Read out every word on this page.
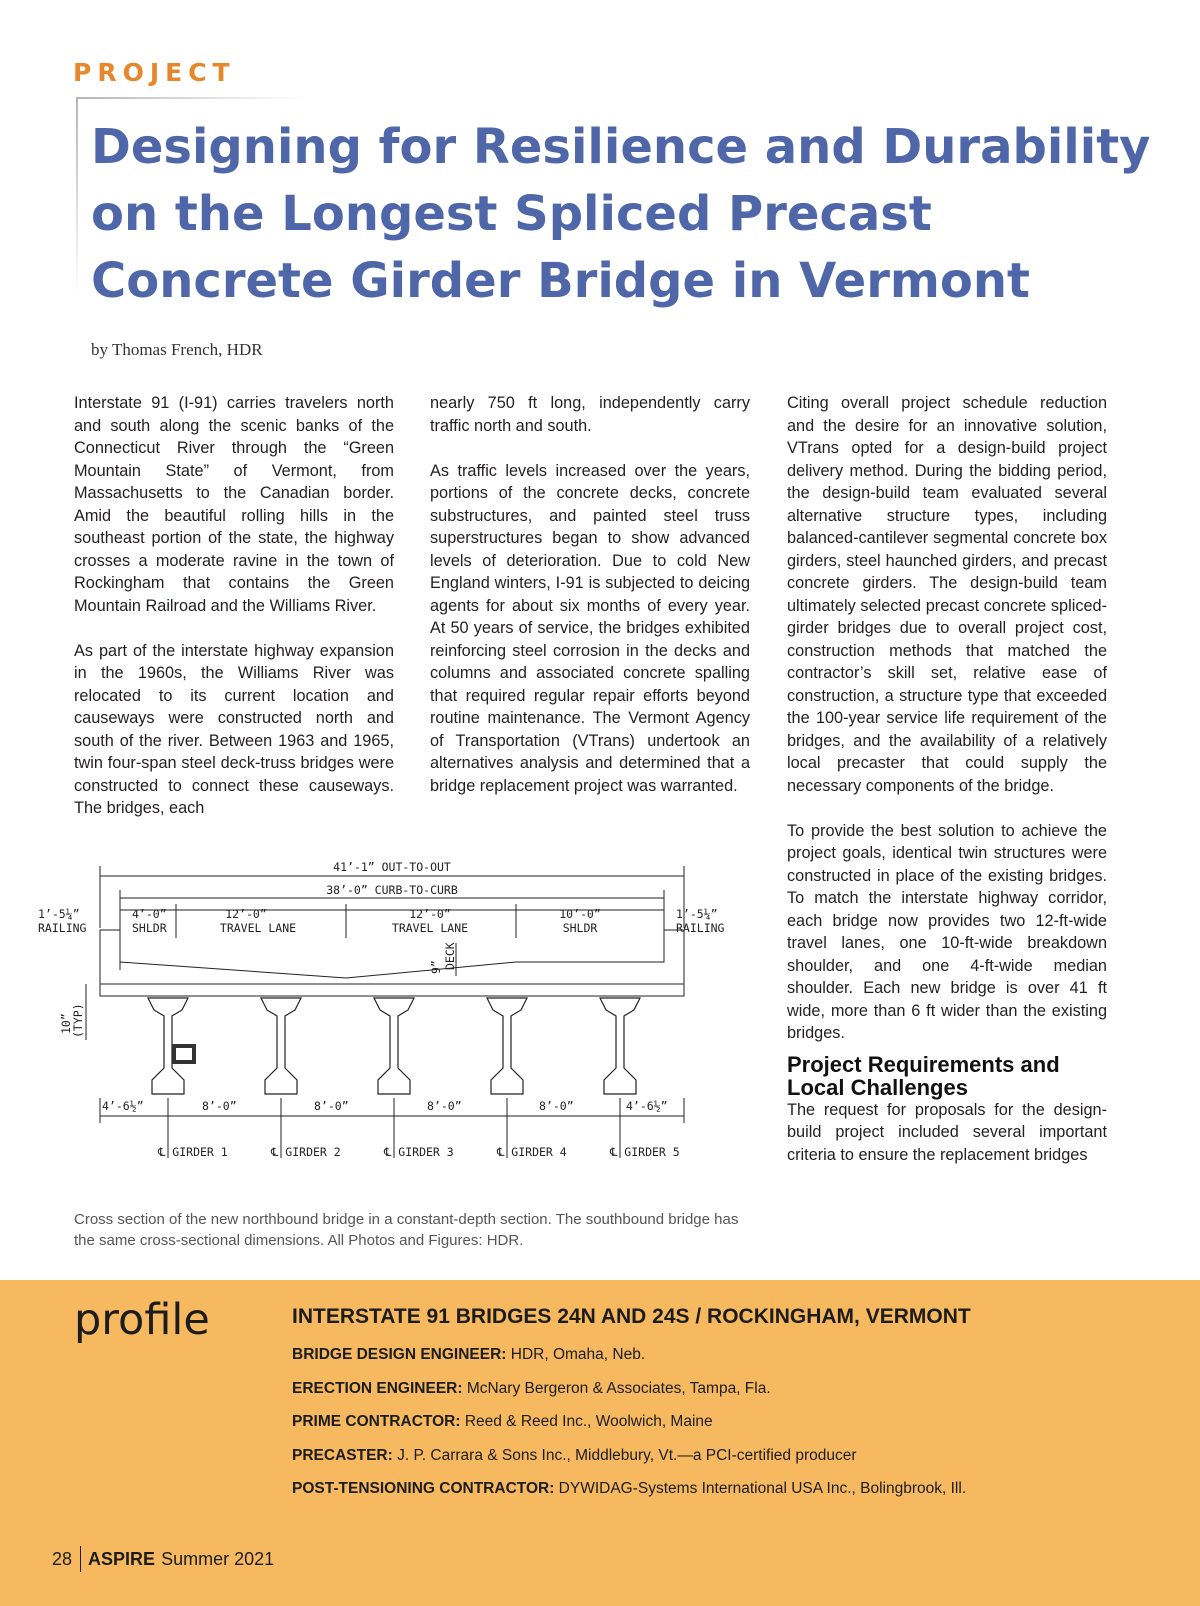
PROJECT
Designing for Resilience and Durability on the Longest Spliced Precast Concrete Girder Bridge in Vermont
by Thomas French, HDR

Interstate 91 (I-91) carries travelers north and south along the scenic banks of the Connecticut River through the “Green Mountain State” of Vermont, from Massachusetts to the Canadian border. Amid the beautiful rolling hills in the southeast portion of the state, the highway crosses a moderate ravine in the town of Rockingham that contains the Green Mountain Railroad and the Williams River.

As part of the interstate highway expansion in the 1960s, the Williams River was relocated to its current location and causeways were constructed north and south of the river. Between 1963 and 1965, twin four-span steel deck-truss bridges were constructed to connect these causeways. The bridges, each

nearly 750 ft long, independently carry traffic north and south.

As traffic levels increased over the years, portions of the concrete decks, concrete substructures, and painted steel truss superstructures began to show advanced levels of deterioration. Due to cold New England winters, I-91 is subjected to deicing agents for about six months of every year. At 50 years of service, the bridges exhibited reinforcing steel corrosion in the decks and columns and associated concrete spalling that required regular repair efforts beyond routine maintenance. The Vermont Agency of Transportation (VTrans) undertook an alternatives analysis and determined that a bridge replacement project was warranted.

Citing overall project schedule reduction and the desire for an innovative solution, VTrans opted for a design-build project delivery method. During the bidding period, the design-build team evaluated several alternative structure types, including balanced-cantilever segmental concrete box girders, steel haunched girders, and precast concrete girders. The design-build team ultimately selected precast concrete spliced-girder bridges due to overall project cost, construction methods that matched the contractor’s skill set, relative ease of construction, a structure type that exceeded the 100-year service life requirement of the bridges, and the availability of a relatively local precaster that could supply the necessary components of the bridge.

To provide the best solution to achieve the project goals, identical twin structures were constructed in place of the existing bridges. To match the interstate highway corridor, each bridge now provides two 12-ft-wide travel lanes, one 10-ft-wide breakdown shoulder, and one 4-ft-wide median shoulder. Each new bridge is over 41 ft wide, more than 6 ft wider than the existing bridges.

Project Requirements and Local Challenges

The request for proposals for the design-build project included several important criteria to ensure the replacement bridges

41’-1” OUT-TO-OUT
38’-0” CURB-TO-CURB
1’-5¼”
RAILING
4’-0”
SHLDR
12’-0”
TRAVEL LANE
12’-0”
TRAVEL LANE
10’-0”
SHLDR
1’-5¼”
RAILING
9” DECK
10”
(TYP)
4’-6½”	8’-0”	8’-0”	8’-0”	8’-0”	4’-6½”
℄ GIRDER 1	℄ GIRDER 2	℄ GIRDER 3	℄ GIRDER 4	℄ GIRDER 5
Cross section of the new northbound bridge in a constant-depth section. The southbound bridge has the same cross-sectional dimensions. All Photos and Figures: HDR.
profile	INTERSTATE 91 BRIDGES 24N AND 24S / ROCKINGHAM, VERMONT
BRIDGE DESIGN ENGINEER: HDR, Omaha, Neb.
ERECTION ENGINEER: McNary Bergeron & Associates, Tampa, Fla.
PRIME CONTRACTOR: Reed & Reed Inc., Woolwich, Maine
PRECASTER: J. P. Carrara & Sons Inc., Middlebury, Vt.—a PCI-certified producer
POST-TENSIONING CONTRACTOR: DYWIDAG-Systems International USA Inc., Bolingbrook, Ill.
28 ASPIRE Summer 2021
